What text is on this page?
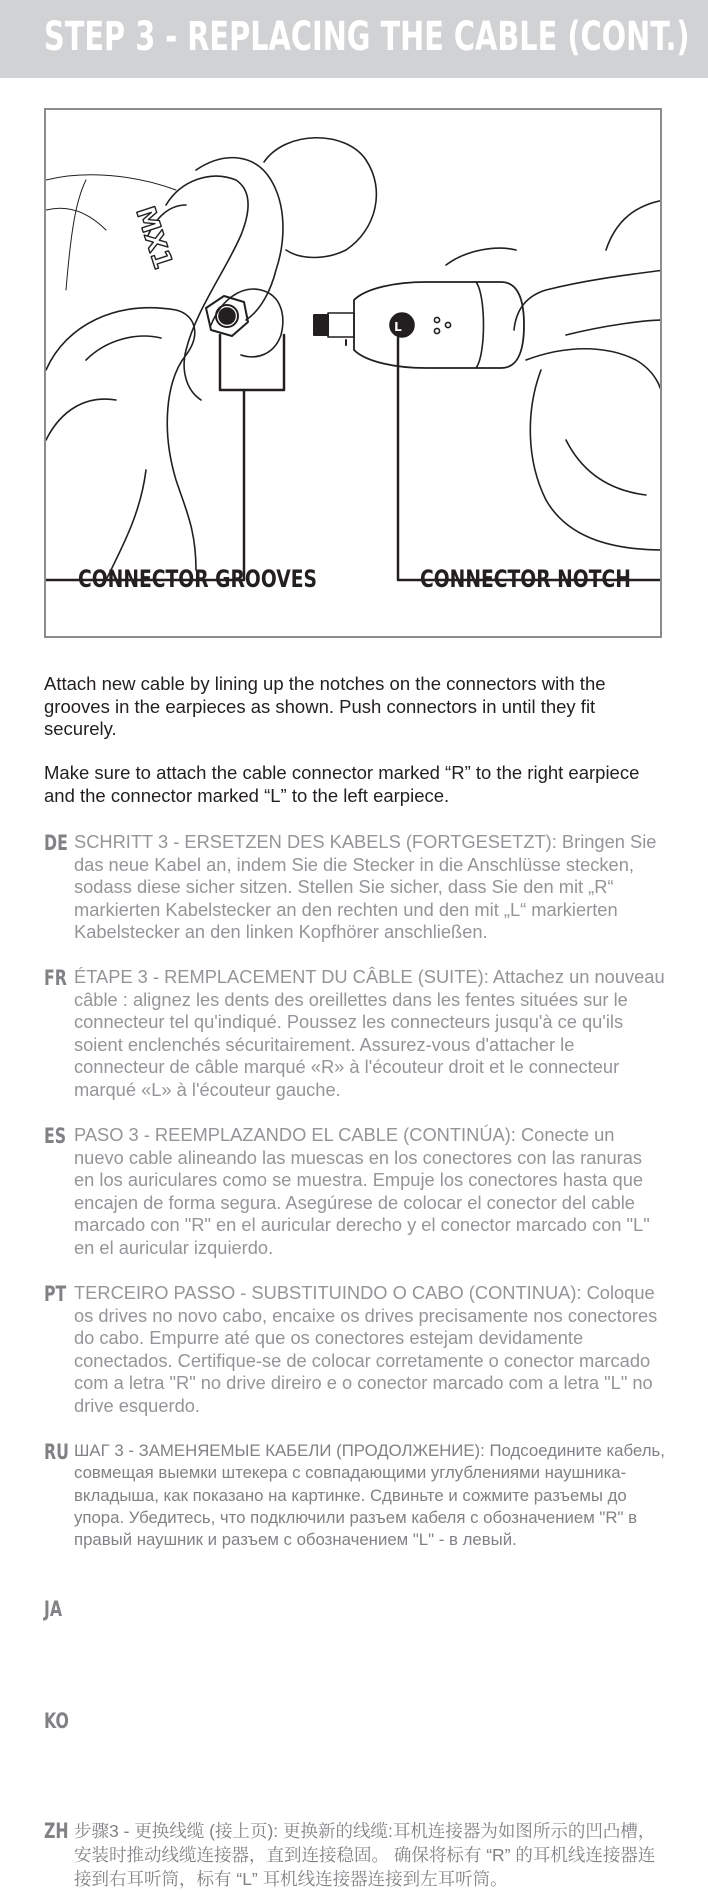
STEP 3 - REPLACING THE CABLE (CONT.)
MX1
L
CONNECTOR GROOVES	CONNECTOR NOTCH
Attach new cable by lining up the notches on the connectors with the grooves in the earpieces as shown. Push connectors in until they fit securely.
Make sure to attach the cable connector marked “R” to the right earpiece and the connector marked “L” to the left earpiece.
DE SCHRITT 3 - ERSETZEN DES KABELS (FORTGESETZT): Bringen Sie das neue Kabel an, indem Sie die Stecker in die Anschlüsse stecken, sodass diese sicher sitzen. Stellen Sie sicher, dass Sie den mit „R“ markierten Kabelstecker an den rechten und den mit „L“ markierten Kabelstecker an den linken Kopfhörer anschließen.
FR ÉTAPE 3 - REMPLACEMENT DU CÂBLE (SUITE): Attachez un nouveau câble : alignez les dents des oreillettes dans les fentes situées sur le connecteur tel qu'indiqué. Poussez les connecteurs jusqu'à ce qu'ils soient enclenchés sécuritairement. Assurez-vous d'attacher le connecteur de câble marqué «R» à l'écouteur droit et le connecteur marqué «L» à l'écouteur gauche.
ES PASO 3 - REEMPLAZANDO EL CABLE (CONTINÚA): Conecte un nuevo cable alineando las muescas en los conectores con las ranuras en los auriculares como se muestra. Empuje los conectores hasta que encajen de forma segura. Asegúrese de colocar el conector del cable marcado con "R" en el auricular derecho y el conector marcado con "L" en el auricular izquierdo.
PT TERCEIRO PASSO - SUBSTITUINDO O CABO (CONTINUA): Coloque os drives no novo cabo, encaixe os drives precisamente nos conectores do cabo. Empurre até que os conectores estejam devidamente conectados. Certifique-se de colocar corretamente o conector marcado com a letra "R" no drive direiro e o conector marcado com a letra "L" no drive esquerdo.
RU ШАГ 3 - ЗАМЕНЯЕМЫЕ КАБЕЛИ (ПРОДОЛЖЕНИЕ): Подсоедините кабель, совмещая выемки штекера с совпадающими углублениями наушника-вкладыша, как показано на картинке. Сдвиньте и сожмите разъемы до упора. Убедитесь, что подключили разъем кабеля с обозначением "R" в правый наушник и разъем с обозначением "L" - в левый.
JA
KO
ZH 步骤3 - 更换线缆 (接上页): 更换新的线缆:耳机连接器为如图所示的凹凸槽，安装时推动线缆连接器，直到连接稳固。 确保将标有 “R” 的耳机线连接器连接到右耳听筒，标有 “L” 耳机线连接器连接到左耳听筒。
